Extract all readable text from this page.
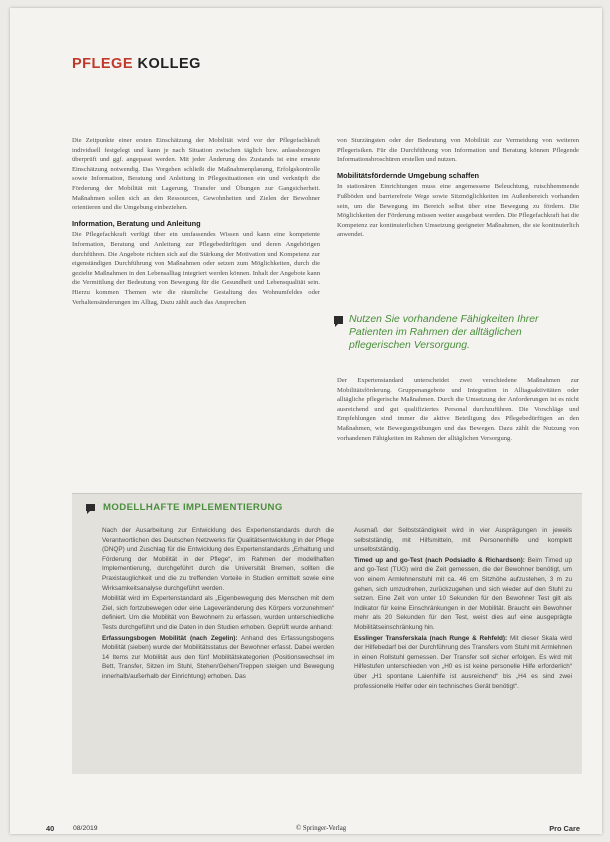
PFLEGE KOLLEG

Die Zeitpunkte einer ersten Einschätzung der Mobilität wird vor der Pflegefachkraft individuell festgelegt und kann je nach Situation zwischen täglich bzw. anlassbezogen überprüft und ggf. angepasst werden. Mit jeder Änderung des Zustands ist eine erneute Einschätzung notwendig. Das Vorgehen schließt die Maßnahmenplanung, Erfolgskontrolle sowie Information, Beratung und Anleitung in Pflegesituationen ein und verknüpft die Förderung der Mobilität mit Lagerung, Transfer und Übungen zur Gangsicherheit. Maßnahmen sollen sich an den Ressourcen, Gewohnheiten und Zielen der Bewohner orientieren und die Umgebung einbeziehen.

Information, Beratung und Anleitung

Die Pflegefachkraft verfügt über ein umfassendes Wissen und kann eine kompetente Information, Beratung und Anleitung zur Pflegebedürftigen und deren Angehörigen durchführen. Die Angebote richten sich auf die Stärkung der Motivation und Kompetenz zur eigenständigen Durchführung von Maßnahmen oder setzen zum Möglichkeiten, durch die gezielte Maßnahmen in den Lebensalltag integriert werden können. Inhalt der Angebote kann die Vermittlung der Bedeutung von Bewegung für die Gesundheit und Lebensqualität sein. Hierzu kommen Themen wie die räumliche Gestaltung des Wohnumfeldes oder Verhaltensänderungen im Alltag, Dazu zählt auch das Ansprechen

von Sturzängsten oder der Bedeutung von Mobilität zur Vermeidung von weiteren Pflegerisiken. Für die Durchführung von Information und Beratung können Pflegende Informationsbroschüren erstellen und nutzen.

Mobilitätsfördernde Umgebung schaffen

In stationären Einrichtungen muss eine angemessene Beleuchtung, rutschhemmende Fußböden und barrierefreie Wege sowie Sitzmöglichkeiten im Außenbereich vorhanden sein, um die Bewegung im Bereich selbst über eine Bewegung zu fördern. Die Möglichkeiten der Förderung müssen weiter ausgebaut werden. Die Pflegefachkraft hat die Kompetenz zur kontinuierlichen Umsetzung geeigneter Maßnahmen, die sie kontinuierlich anwendet.

Nutzen Sie vorhandene Fähigkeiten Ihrer Patienten im Rahmen der alltäglichen pflegerischen Versorgung.

Der Expertenstandard unterscheidet zwei verschiedene Maßnahmen zur Mobilitätsförderung. Gruppenangebote und Integration in Alltagsaktivitäten oder alltägliche pflegerische Maßnahmen. Durch die Umsetzung der Anforderungen ist es nicht ausreichend und gut qualifiziertes Personal durchzuführen. Die Vorschläge und Empfehlungen sind immer die aktive Beteiligung des Pflegebedürftigen an den Maßnahmen, wie Bewegungsübungen und das Bewegen. Dazu zählt die Nutzung von vorhandenen Fähigkeiten im Rahmen der alltäglichen Versorgung.

MODELLHAFTE IMPLEMENTIERUNG

Nach der Ausarbeitung zur Entwicklung des Expertenstandards durch die Verantwortlichen des Deutschen Netzwerks für Qualitätsentwicklung in der Pflege (DNQP) und Zuschlag für die Entwicklung des Expertenstandards „Erhaltung und Förderung der Mobilität in der Pflege“, im Rahmen der modellhaften Implementierung, durchgeführt durch die Universität Bremen, sollten die Praxistauglichkeit und die zu treffenden Vorteile in Studien ermittelt sowie eine Wirksamkeitsanalyse durchgeführt werden.

Mobilität wird im Expertenstandard als „Eigenbewegung des Menschen mit dem Ziel, sich fortzubewegen oder eine Lageveränderung des Körpers vorzunehmen“ definiert. Um die Mobilität von Bewohnern zu erfassen, wurden unterschiedliche Tests durchgeführt und die Daten in den Studien erhoben. Geprüft wurde anhand:

Erfassungsbogen Mobilität (nach Zegelin): Anhand des Erfassungsbogens Mobilität (sieben) wurde der Mobilitätsstatus der Bewohner erfasst. Dabei werden 14 Items zur Mobilität aus den fünf Mobilitätskategorien (Positionswechsel im Bett, Transfer, Sitzen im Stuhl, Stehen/Gehen/Treppen steigen und Bewegung innerhalb/außerhalb der Einrichtung) erhoben. Das

Ausmaß der Selbstständigkeit wird in vier Ausprägungen in jeweils selbstständig, mit Hilfsmitteln, mit Personenhilfe und komplett unselbstständig.

Timed up and go-Test (nach Podsiadlo & Richardson): Beim Timed up and go-Test (TUG) wird die Zeit gemessen, die der Bewohner benötigt, um von einem Armlehnenstuhl mit ca. 46 cm Sitzhöhe aufzustehen, 3 m zu gehen, sich umzudrehen, zurückzugehen und sich wieder auf den Stuhl zu setzen. Eine Zeit von unter 10 Sekunden für den Bewohner Test gilt als Indikator für keine Einschränkungen in der Mobilität. Braucht ein Bewohner mehr als 20 Sekunden für den Test, weist dies auf eine ausgeprägte Mobilitätseinschränkung hin.

Esslinger Transferskala (nach Runge & Rehfeld): Mit dieser Skala wird der Hilfebedarf bei der Durchführung des Transfers vom Stuhl mit Armlehnen in einen Rollstuhl gemessen. Der Transfer soll sicher erfolgen. Es wird mit Hilfestufen unterschieden von „H0 es ist keine personelle Hilfe erforderlich“ über „H1 spontane Laienhilfe ist ausreichend“ bis „H4 es sind zwei professionelle Helfer oder ein technisches Gerät benötigt“.

40	08/2019	© Springer-Verlag	Pro Care
